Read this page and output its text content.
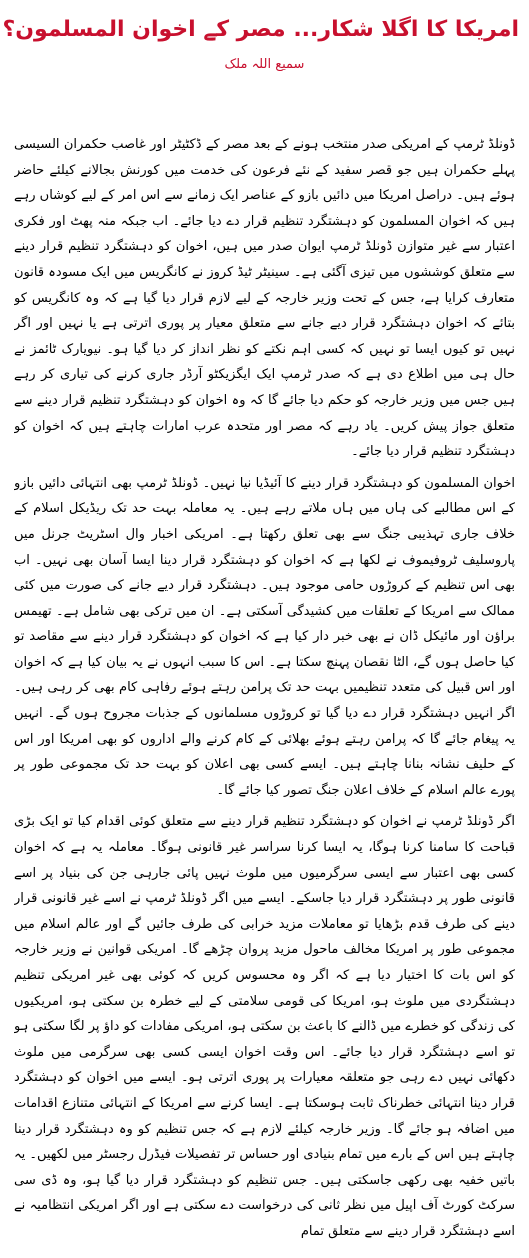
امریکا کا اگلا شکار... مصر کے اخوان المسلمون؟
سمیع اللہ ملک

ڈونلڈ ٹرمپ کے امریکی صدر منتخب ہونے کے بعد مصر کے ڈکٹیٹر اور غاصب حکمران السیسی پہلے حکمران ہیں جو قصر سفید کے نئے فرعون کی خدمت میں کورنش بجالانے کیلئے حاضر ہوئے ہیں۔ دراصل امریکا میں دائیں بازو کے عناصر ایک زمانے سے اس امر کے لیے کوشاں رہے ہیں کہ اخوان المسلمون کو دہشتگرد تنظیم قرار دے دیا جائے۔ اب جبکہ منہ پھٹ اور فکری اعتبار سے غیر متوازن ڈونلڈ ٹرمپ ایوان صدر میں ہیں، اخوان کو دہشتگرد تنظیم قرار دینے سے متعلق کوششوں میں تیزی آگئی ہے۔ سینیٹر ٹیڈ کروز نے کانگریس میں ایک مسودہ قانون متعارف کرایا ہے، جس کے تحت وزیر خارجہ کے لیے لازم قرار دیا گیا ہے کہ وہ کانگریس کو بتائے کہ اخوان دہشتگرد قرار دیے جانے سے متعلق معیار پر پوری اترتی ہے یا نہیں اور اگر نہیں تو کیوں ایسا تو نہیں کہ کسی اہم نکتے کو نظر انداز کر دیا گیا ہو۔ نیویارک ٹائمز نے حال ہی میں اطلاع دی ہے کہ صدر ٹرمپ ایک ایگزیکٹو آرڈر جاری کرنے کی تیاری کر رہے ہیں جس میں وزیر خارجہ کو حکم دیا جائے گا کہ وہ اخوان کو دہشتگرد تنظیم قرار دینے سے متعلق جواز پیش کریں۔ یاد رہے کہ مصر اور متحدہ عرب امارات چاہتے ہیں کہ اخوان کو دہشتگرد تنظیم قرار دیا جائے۔

اخوان المسلمون کو دہشتگرد قرار دینے کا آئیڈیا نیا نہیں۔ ڈونلڈ ٹرمپ بھی انتہائی دائیں بازو کے اس مطالبے کی ہاں میں ہاں ملاتے رہے ہیں۔ یہ معاملہ بہت حد تک ریڈیکل اسلام کے خلاف جاری تہذیبی جنگ سے بھی تعلق رکھتا ہے۔ امریکی اخبار وال اسٹریٹ جرنل میں پاروسلیف ٹروفیموف نے لکھا ہے کہ اخوان کو دہشتگرد قرار دینا ایسا آسان بھی نہیں۔ اب بھی اس تنظیم کے کروڑوں حامی موجود ہیں۔ دہشتگرد قرار دیے جانے کی صورت میں کئی ممالک سے امریکا کے تعلقات میں کشیدگی آسکتی ہے۔ ان میں ترکی بھی شامل ہے۔ تھیمس براؤن اور مائیکل ڈان نے بھی خبر دار کیا ہے کہ اخوان کو دہشتگرد قرار دینے سے مقاصد تو کیا حاصل ہوں گے، الٹا نقصان پہنچ سکتا ہے۔ اس کا سبب انہوں نے یہ بیان کیا ہے کہ اخوان اور اس قبیل کی متعدد تنظیمیں بہت حد تک پرامن رہتے ہوئے رفاہی کام بھی کر رہی ہیں۔ اگر انہیں دہشتگرد قرار دے دیا گیا تو کروڑوں مسلمانوں کے جذبات مجروح ہوں گے۔ انہیں یہ پیغام جائے گا کہ پرامن رہتے ہوئے بھلائی کے کام کرنے والے اداروں کو بھی امریکا اور اس کے حلیف نشانہ بنانا چاہتے ہیں۔ ایسے کسی بھی اعلان کو بہت حد تک مجموعی طور پر پورے عالم اسلام کے خلاف اعلان جنگ تصور کیا جائے گا۔

اگر ڈونلڈ ٹرمپ نے اخوان کو دہشتگرد تنظیم قرار دینے سے متعلق کوئی اقدام کیا تو ایک بڑی قباحت کا سامنا کرنا ہوگا، یہ ایسا کرنا سراسر غیر قانونی ہوگا۔ معاملہ یہ ہے کہ اخوان کسی بھی اعتبار سے ایسی سرگرمیوں میں ملوث نہیں پائی جارہی جن کی بنیاد پر اسے قانونی طور پر دہشتگرد قرار دیا جاسکے۔ ایسے میں اگر ڈونلڈ ٹرمپ نے اسے غیر قانونی قرار دینے کی طرف قدم بڑھایا تو معاملات مزید خرابی کی طرف جائیں گے اور عالم اسلام میں مجموعی طور پر امریکا مخالف ماحول مزید پروان چڑھے گا۔ امریکی قوانین نے وزیر خارجہ کو اس بات کا اختیار دیا ہے کہ اگر وہ محسوس کریں کہ کوئی بھی غیر امریکی تنظیم دہشتگردی میں ملوث ہو، امریکا کی قومی سلامتی کے لیے خطرہ بن سکتی ہو، امریکیوں کی زندگی کو خطرے میں ڈالنے کا باعث بن سکتی ہو، امریکی مفادات کو داؤ پر لگا سکتی ہو تو اسے دہشتگرد قرار دیا جائے۔ اس وقت اخوان ایسی کسی بھی سرگرمی میں ملوث دکھائی نہیں دے رہی جو متعلقہ معیارات پر پوری اترتی ہو۔ ایسے میں اخوان کو دہشتگرد قرار دینا انتہائی خطرناک ثابت ہوسکتا ہے۔ ایسا کرنے سے امریکا کے انتہائی متنازع اقدامات میں اضافہ ہو جائے گا۔ وزیر خارجہ کیلئے لازم ہے کہ جس تنظیم کو وہ دہشتگرد قرار دینا چاہتے ہیں اس کے بارے میں تمام بنیادی اور حساس تر تفصیلات فیڈرل رجسٹر میں لکھیں۔ یہ باتیں خفیہ بھی رکھی جاسکتی ہیں۔ جس تنظیم کو دہشتگرد قرار دیا گیا ہو، وہ ڈی سی سرکٹ کورٹ آف اپیل میں نظر ثانی کی درخواست دے سکتی ہے اور اگر امریکی انتظامیہ نے اسے دہشتگرد قرار دینے سے متعلق تمام
